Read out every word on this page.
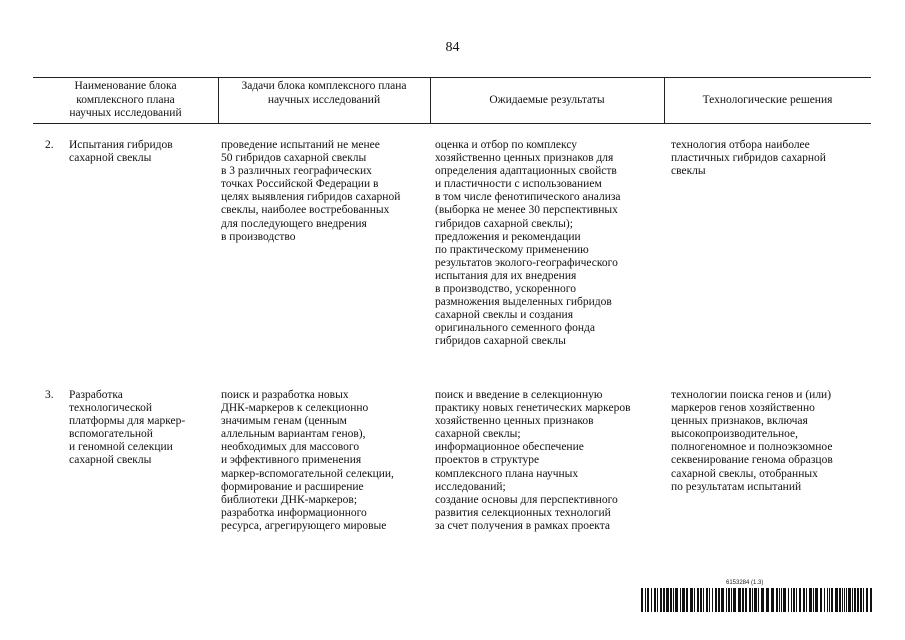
84
Наименование блока
комплексного плана
научных исследований
Задачи блока комплексного плана
научных исследований	Ожидаемые результаты	Технологические решения
2. Испытания гибридов
сахарной свеклы
проведение испытаний не менее
50 гибридов сахарной свеклы
в 3 различных географических
точках Российской Федерации в
целях выявления гибридов сахарной
свеклы, наиболее востребованных
для последующего внедрения
в производство
оценка и отбор по комплексу
хозяйственно ценных признаков для
определения адаптационных свойств
и пластичности с использованием
в том числе фенотипического анализа
(выборка не менее 30 перспективных
гибридов сахарной свеклы);
предложения и рекомендации
по практическому применению
результатов эколого-географического
испытания для их внедрения
в производство, ускоренного
размножения выделенных гибридов
сахарной свеклы и создания
оригинального семенного фонда
гибридов сахарной свеклы
технология отбора наиболее
пластичных гибридов сахарной
свеклы
3. Разработка
технологической
платформы для маркер-
вспомогательной
и геномной селекции
сахарной свеклы
поиск и разработка новых
ДНК-маркеров к селекционно
значимым генам (ценным
аллельным вариантам генов),
необходимых для массового
и эффективного применения
маркер-вспомогательной селекции,
формирование и расширение
библиотеки ДНК-маркеров;
разработка информационного
ресурса, агрегирующего мировые
поиск и введение в селекционную
практику новых генетических маркеров
хозяйственно ценных признаков
сахарной свеклы;
информационное обеспечение
проектов в структуре
комплексного плана научных
исследований;
создание основы для перспективного
развития селекционных технологий
за счет получения в рамках проекта
технологии поиска генов и (или)
маркеров генов хозяйственно
ценных признаков, включая
высокопроизводительное,
полногеномное и полноэкзомное
секвенирование генома образцов
сахарной свеклы, отобранных
по результатам испытаний
6153284 (1.3)
